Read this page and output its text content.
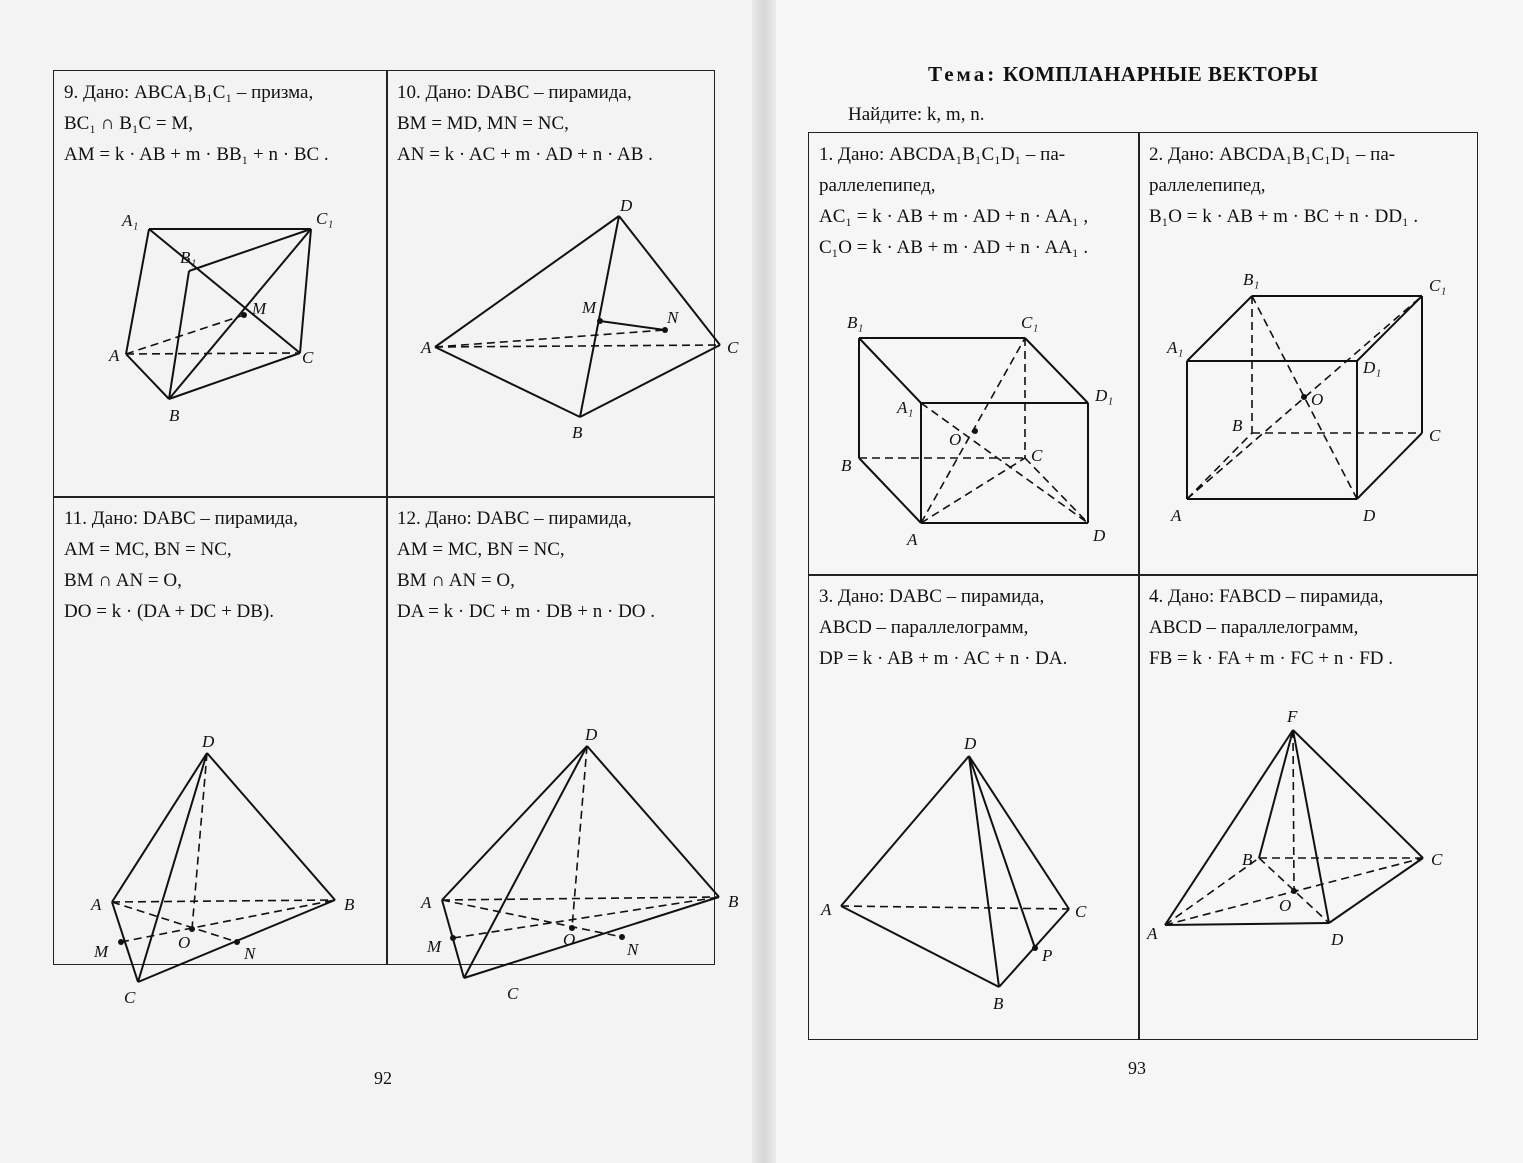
9. Дано: ABCA₁B₁C₁ – призма,
BC₁ ∩ B₁C = M,
AM = k · AB + m · BB₁ + n · BC .
A₁	C₁
B₁
M
A	C
B
10. Дано: DABC – пирамида,
BM = MD, MN = NC,
AN = k · AC + m · AD + n · AB .
D
M
N
A	C
B
11. Дано: DABC – пирамида,
AM = MC, BN = NC,
BM ∩ AN = O,
DO = k · (DA + DC + DB).
D
A	B
M	O
N
C
12. Дано: DABC – пирамида,
AM = MC, BN = NC,
BM ∩ AN = O,
DA = k · DC + m · DB + n · DO .
D
A	B
M	O
N
C
92
Тема: КОМПЛАНАРНЫЕ ВЕКТОРЫ
Найдите: k, m, n.
1. Дано: ABCDA₁B₁C₁D₁ – па-
раллелепипед,
AC₁ = k · AB + m · AD + n · AA₁ ,
C₁O = k · AB + m · AD + n · AA₁ .
B₁	C₁
A₁
D₁
O
C
B
A	D
2. Дано: ABCDA₁B₁C₁D₁ – па-
раллелепипед,
B₁O = k · AB + m · BC + n · DD₁ .
B₁	C₁
A₁
D₁
O
B
C
A	D
3. Дано: DABC – пирамида,
ABCD – параллелограмм,
DP = k · AB + m · AC + n · DA.
D
A	C
P
B
4. Дано: FABCD – пирамида,
ABCD – параллелограмм,
FB = k · FA + m · FC + n · FD .
F
B	C
O
A	D
93
